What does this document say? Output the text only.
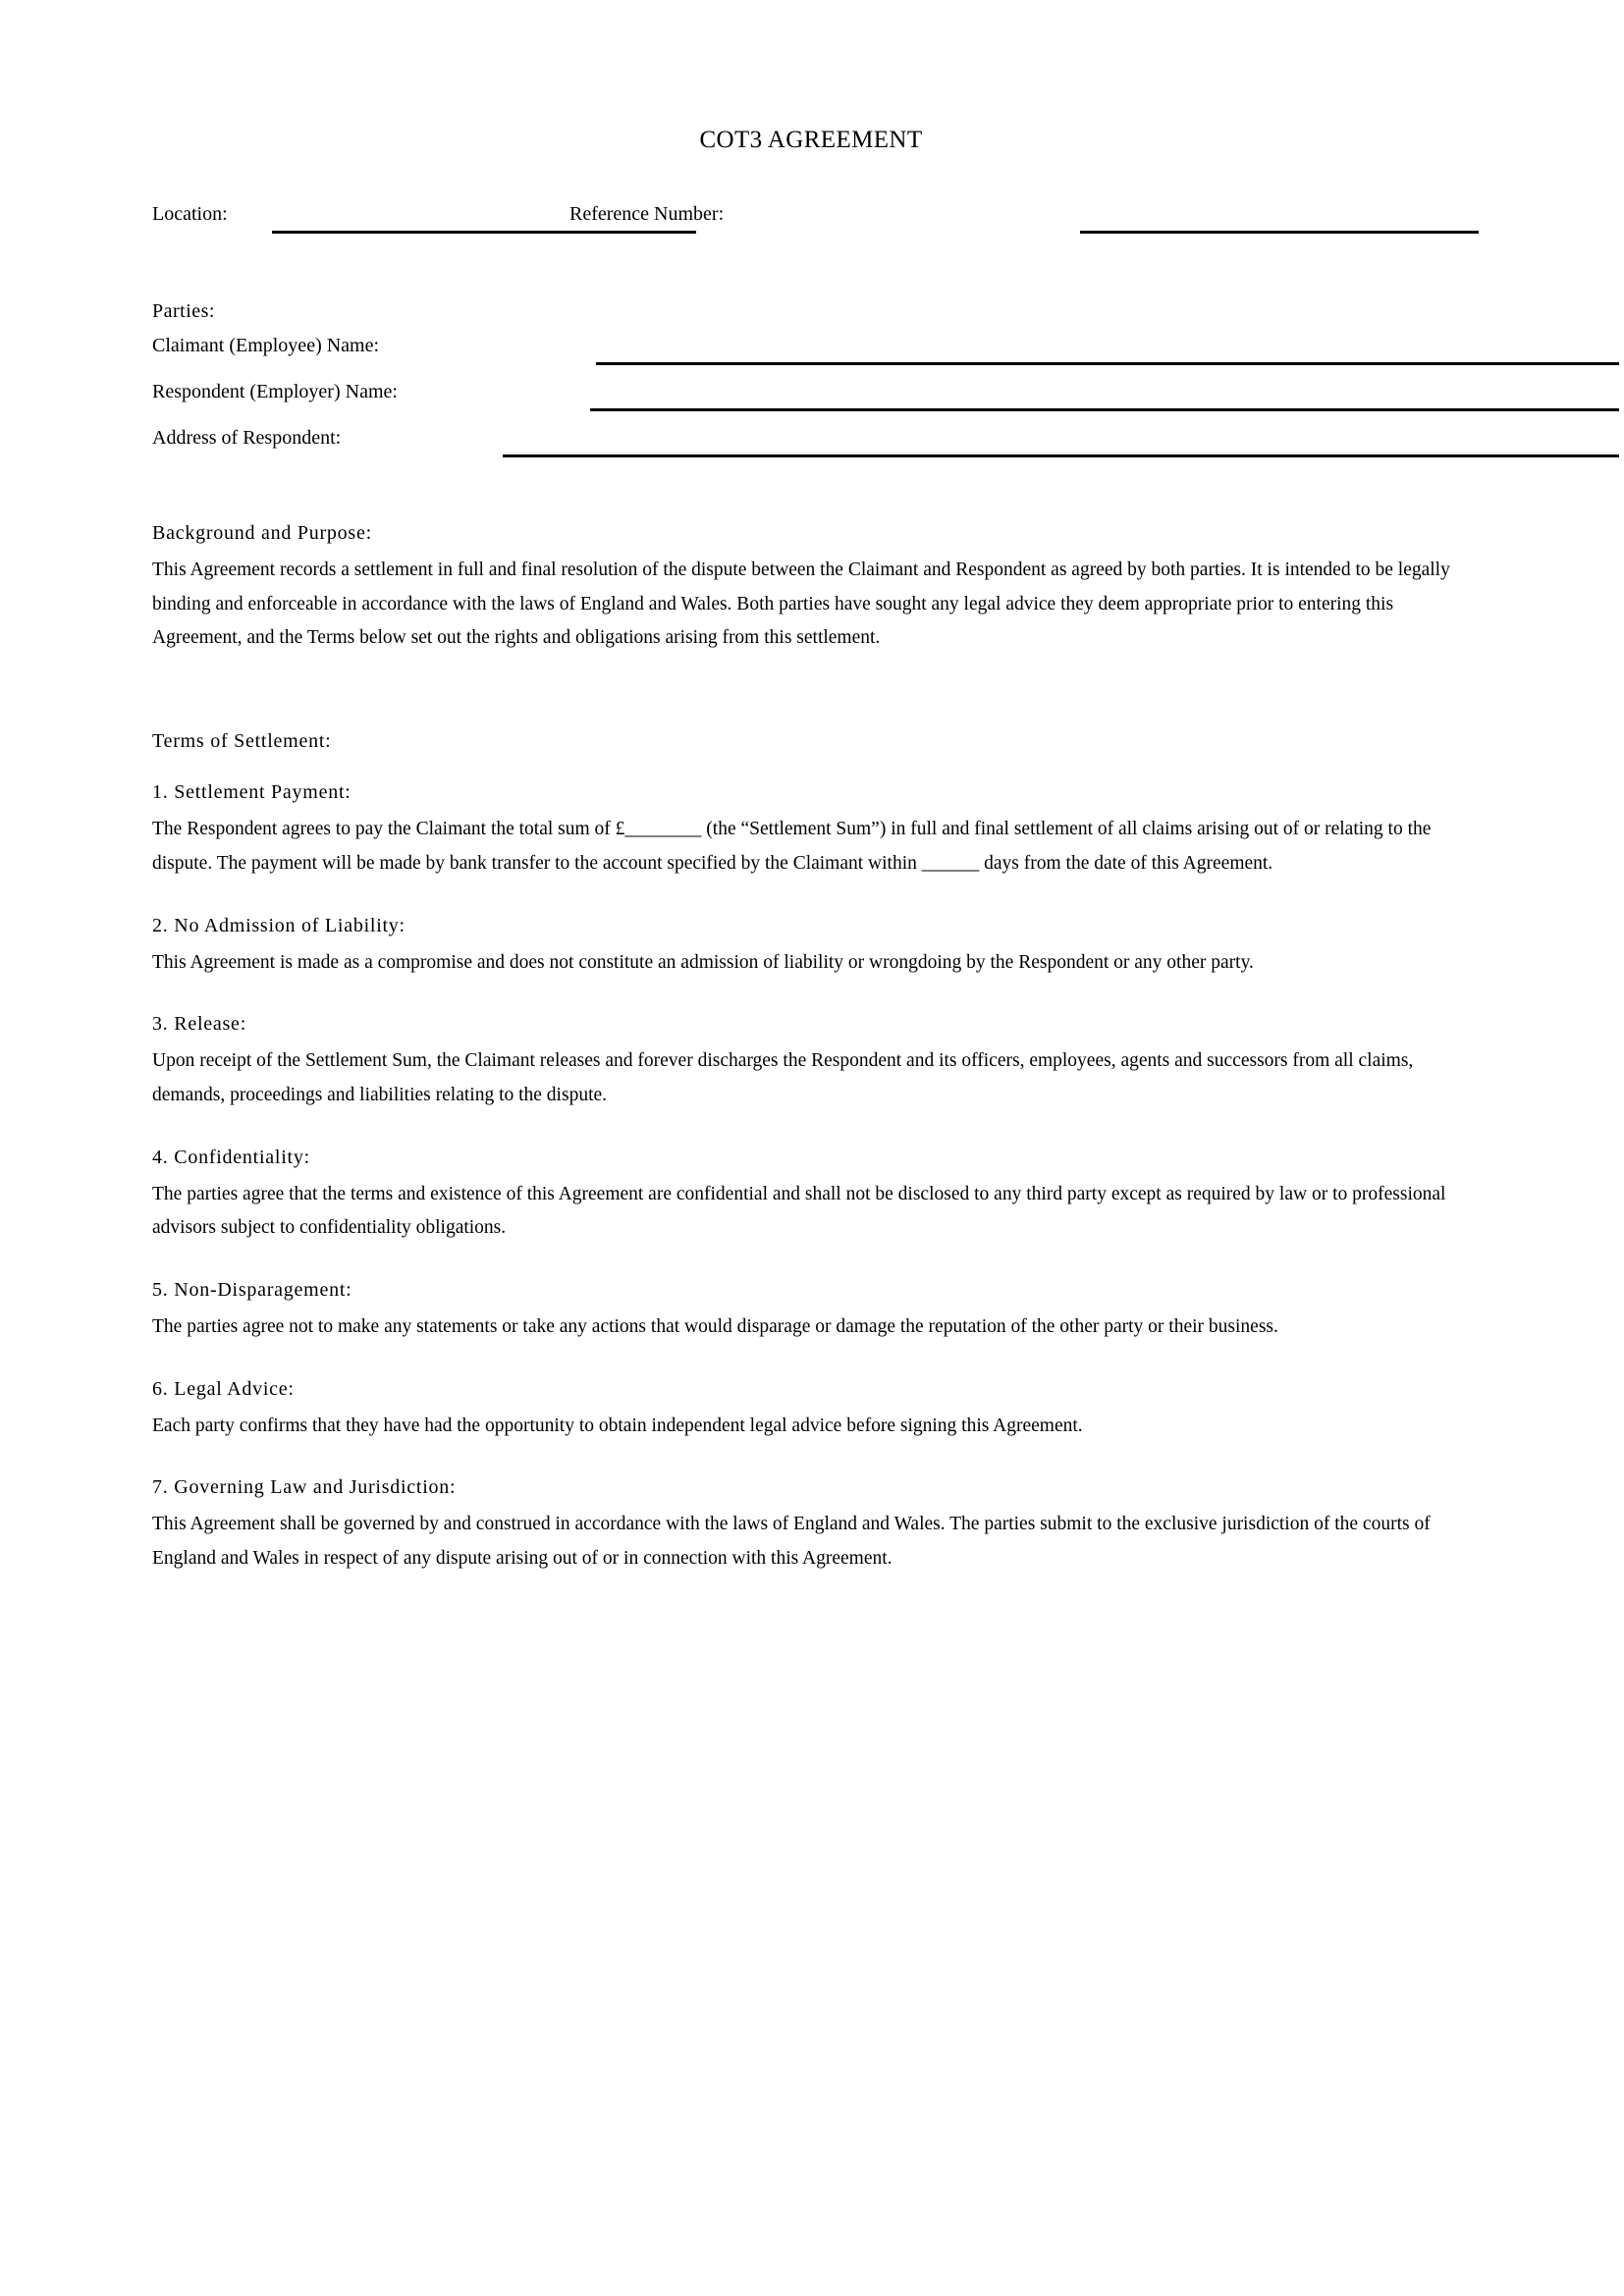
COT3 AGREEMENT
Location:	Reference Number:
Parties:
Claimant (Employee) Name:
Respondent (Employer) Name:
Address of Respondent:
Background and Purpose:

This Agreement records a settlement in full and final resolution of the dispute between the Claimant and Respondent as agreed by both parties. It is intended to be legally binding and enforceable in accordance with the laws of England and Wales. Both parties have sought any legal advice they deem appropriate prior to entering this Agreement, and the Terms below set out the rights and obligations arising from this settlement.

Terms of Settlement:
1. Settlement Payment:

The Respondent agrees to pay the Claimant the total sum of £________ (the “Settlement Sum”) in full and final settlement of all claims arising out of or relating to the dispute. The payment will be made by bank transfer to the account specified by the Claimant within ______ days from the date of this Agreement.

2. No Admission of Liability:

This Agreement is made as a compromise and does not constitute an admission of liability or wrongdoing by the Respondent or any other party.

3. Release:

Upon receipt of the Settlement Sum, the Claimant releases and forever discharges the Respondent and its officers, employees, agents and successors from all claims, demands, proceedings and liabilities relating to the dispute.

4. Confidentiality:

The parties agree that the terms and existence of this Agreement are confidential and shall not be disclosed to any third party except as required by law or to professional advisors subject to confidentiality obligations.

5. Non-Disparagement:

The parties agree not to make any statements or take any actions that would disparage or damage the reputation of the other party or their business.

6. Legal Advice:

Each party confirms that they have had the opportunity to obtain independent legal advice before signing this Agreement.

7. Governing Law and Jurisdiction:

This Agreement shall be governed by and construed in accordance with the laws of England and Wales. The parties submit to the exclusive jurisdiction of the courts of England and Wales in respect of any dispute arising out of or in connection with this Agreement.
